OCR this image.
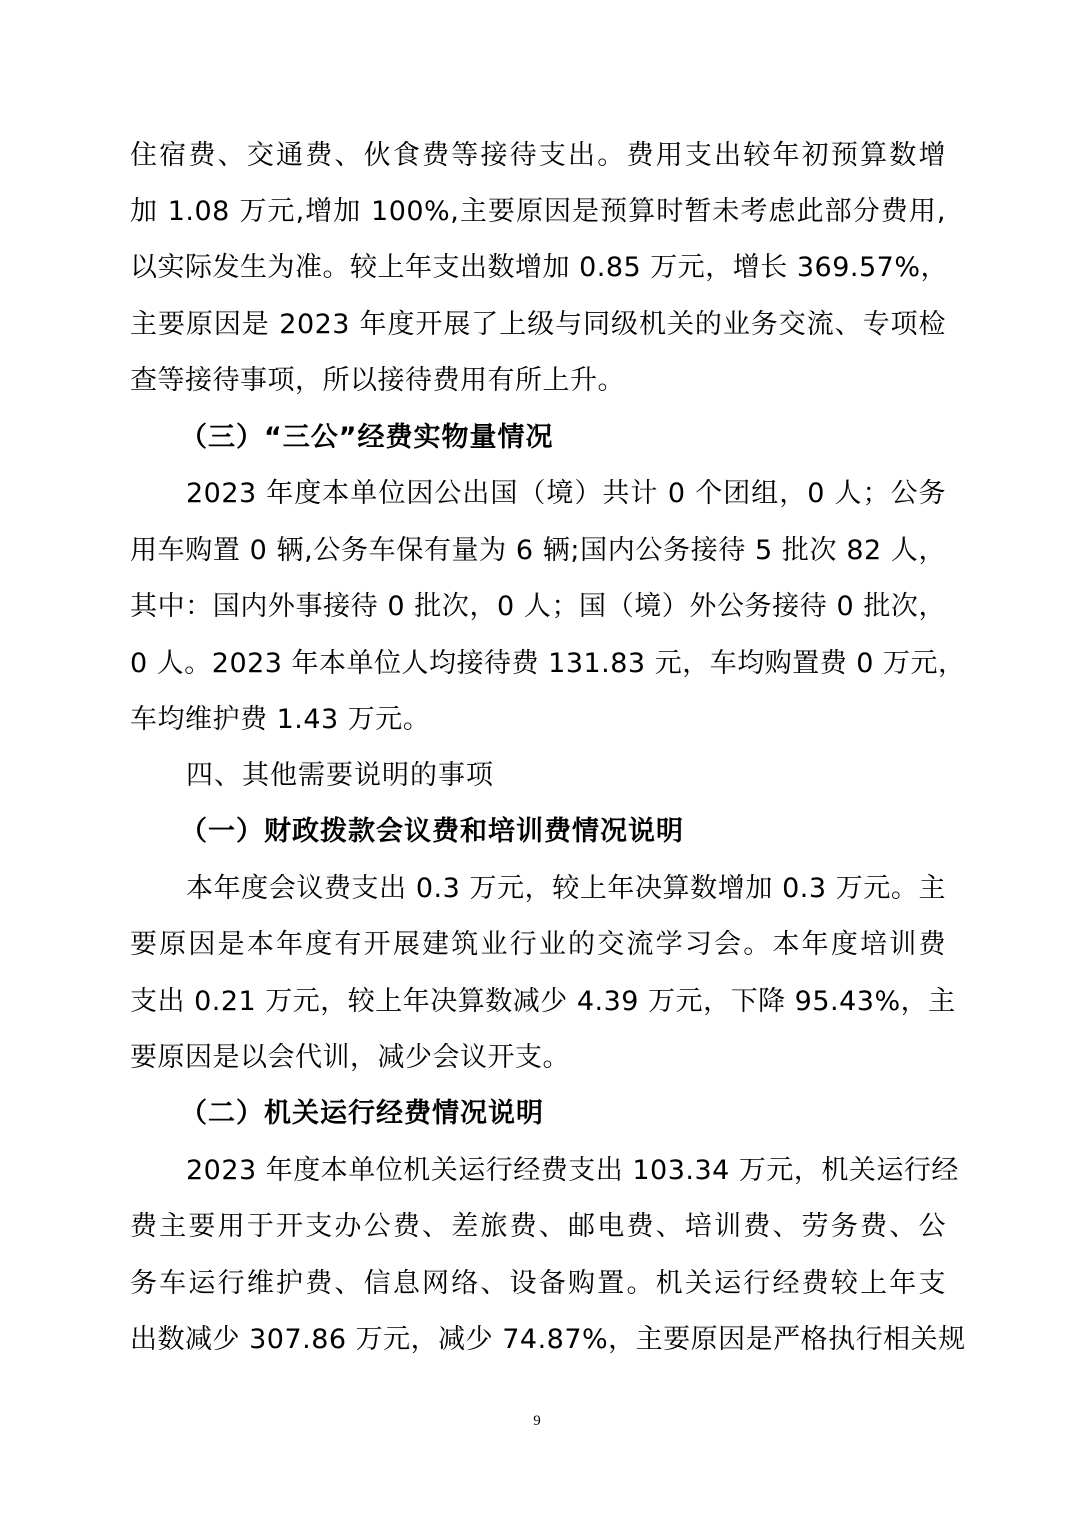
住宿费、交通费、伙食费等接待支出。费用支出较年初预算数增
加 1.08 万元,增加 100%,主要原因是预算时暂未考虑此部分费用,
以实际发生为准。较上年支出数增加 0.85 万元，增长 369.57%，
主要原因是 2023 年度开展了上级与同级机关的业务交流、专项检
查等接待事项，所以接待费用有所上升。
（三）“三公”经费实物量情况
2023 年度本单位因公出国（境）共计 0 个团组，0 人；公务
用车购置 0 辆,公务车保有量为 6 辆;国内公务接待 5 批次 82 人，
其中：国内外事接待 0 批次，0 人；国（境）外公务接待 0 批次，
0 人。2023 年本单位人均接待费 131.83 元，车均购置费 0 万元，
车均维护费 1.43 万元。
四、其他需要说明的事项
（一）财政拨款会议费和培训费情况说明
本年度会议费支出 0.3 万元，较上年决算数增加 0.3 万元。主
要原因是本年度有开展建筑业行业的交流学习会。本年度培训费
支出 0.21 万元，较上年决算数减少 4.39 万元，下降 95.43%，主
要原因是以会代训，减少会议开支。
（二）机关运行经费情况说明
2023 年度本单位机关运行经费支出 103.34 万元，机关运行经
费主要用于开支办公费、差旅费、邮电费、培训费、劳务费、公
务车运行维护费、信息网络、设备购置。机关运行经费较上年支
出数减少 307.86 万元，减少 74.87%，主要原因是严格执行相关规
9
